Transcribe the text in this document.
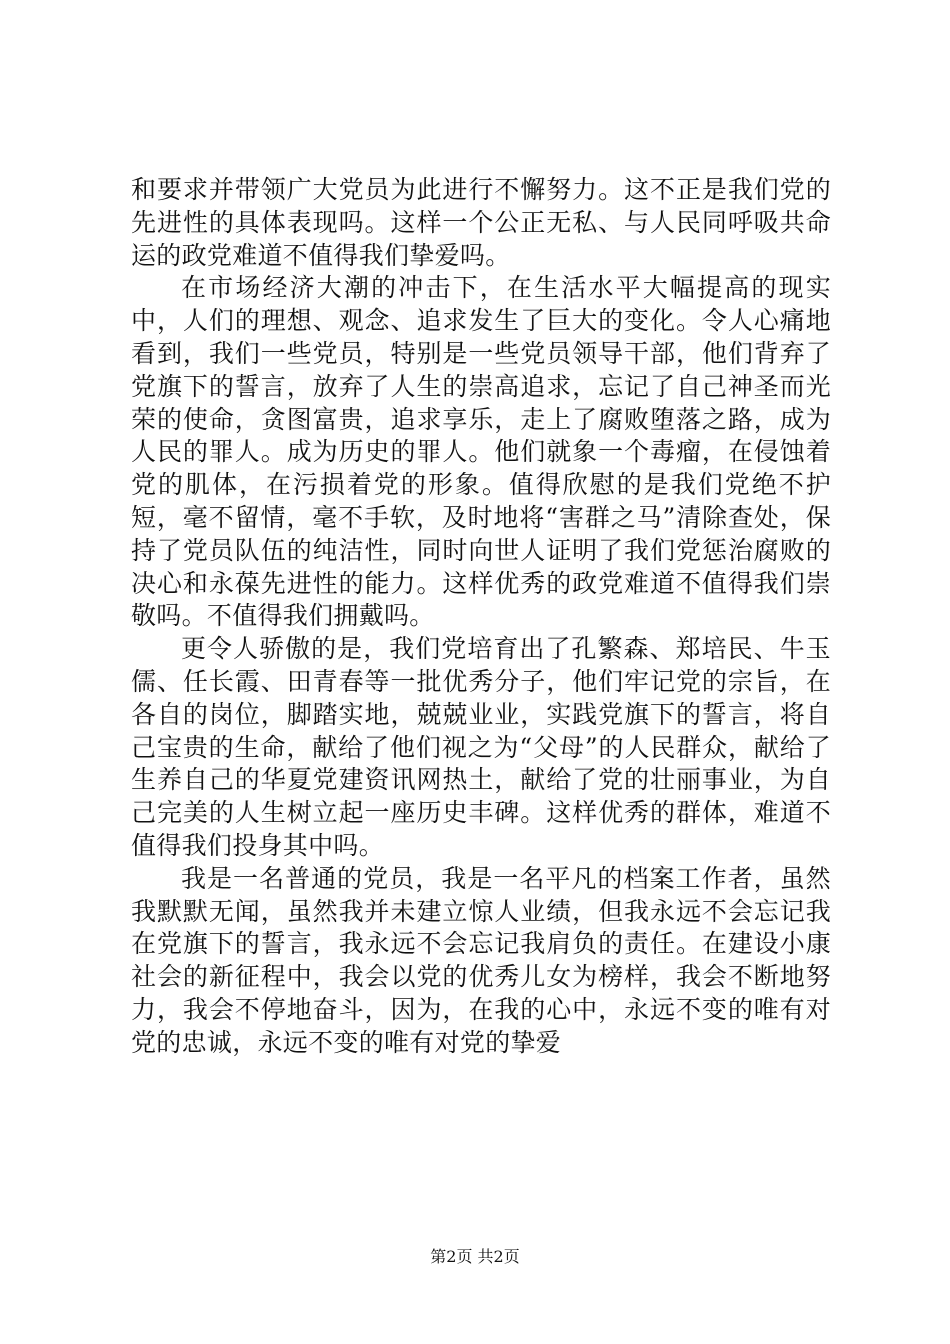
和要求并带领广大党员为此进行不懈努力。这不正是我们党的先进性的具体表现吗。这样一个公正无私、与人民同呼吸共命运的政党难道不值得我们挚爱吗。

在市场经济大潮的冲击下，在生活水平大幅提高的现实中，人们的理想、观念、追求发生了巨大的变化。令人心痛地看到，我们一些党员，特别是一些党员领导干部，他们背弃了党旗下的誓言，放弃了人生的崇高追求，忘记了自己神圣而光荣的使命，贪图富贵，追求享乐，走上了腐败堕落之路，成为人民的罪人。成为历史的罪人。他们就象一个毒瘤，在侵蚀着党的肌体，在污损着党的形象。值得欣慰的是我们党绝不护短，毫不留情，毫不手软，及时地将“害群之马”清除查处，保持了党员队伍的纯洁性，同时向世人证明了我们党惩治腐败的决心和永葆先进性的能力。这样优秀的政党难道不值得我们崇敬吗。不值得我们拥戴吗。

更令人骄傲的是，我们党培育出了孔繁森、郑培民、牛玉儒、任长霞、田青春等一批优秀分子，他们牢记党的宗旨，在各自的岗位，脚踏实地，兢兢业业，实践党旗下的誓言，将自己宝贵的生命，献给了他们视之为“父母”的人民群众，献给了生养自己的华夏党建资讯网热土，献给了党的壮丽事业，为自己完美的人生树立起一座历史丰碑。这样优秀的群体，难道不值得我们投身其中吗。

我是一名普通的党员，我是一名平凡的档案工作者，虽然我默默无闻，虽然我并未建立惊人业绩，但我永远不会忘记我在党旗下的誓言，我永远不会忘记我肩负的责任。在建设小康社会的新征程中，我会以党的优秀儿女为榜样，我会不断地努力，我会不停地奋斗，因为，在我的心中，永远不变的唯有对党的忠诚，永远不变的唯有对党的挚爱

第2页 共2页
